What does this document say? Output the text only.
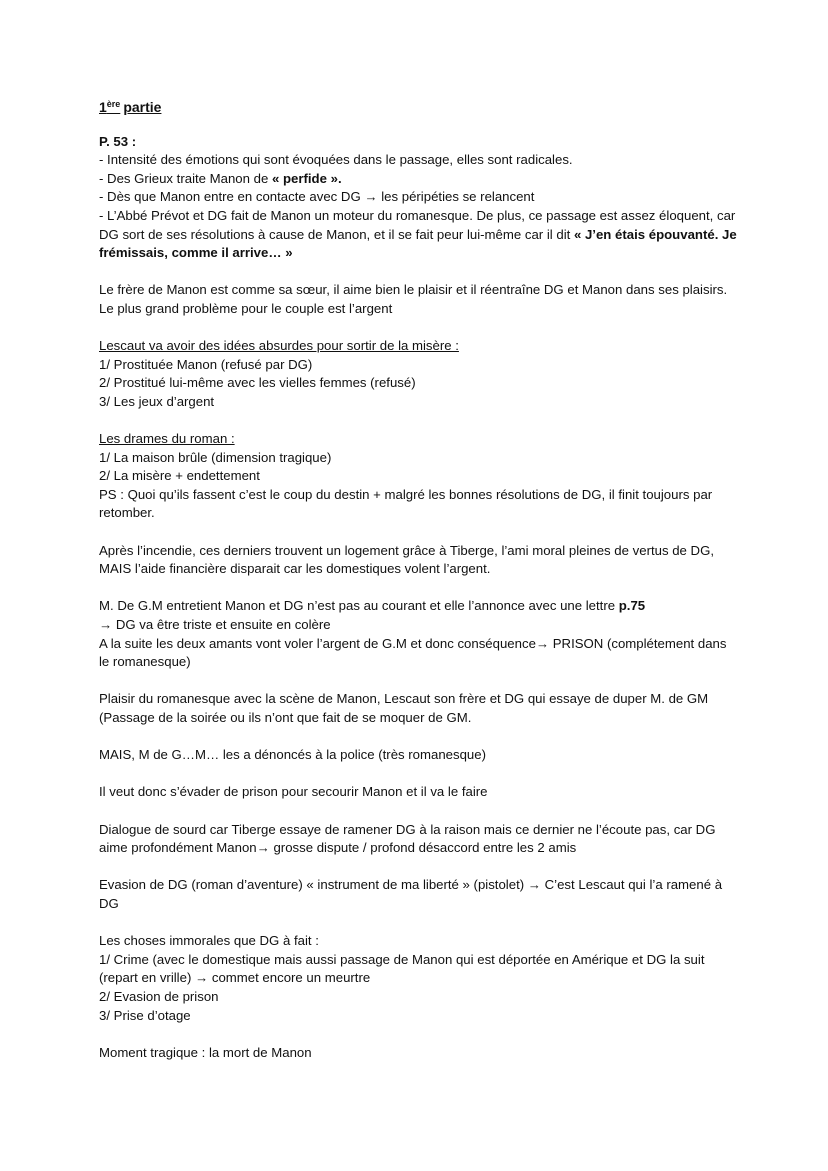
1ère partie
P. 53 :
- Intensité des émotions qui sont évoquées dans le passage, elles sont radicales.
- Des Grieux traite Manon de « perfide ».
- Dès que Manon entre en contacte avec DG → les péripéties se relancent
- L’Abbé Prévot et DG fait de Manon un moteur du romanesque. De plus, ce passage est assez éloquent, car DG sort de ses résolutions à cause de Manon, et il se fait peur lui-même car il dit « J’en étais épouvanté. Je frémissais, comme il arrive… »
Le frère de Manon est comme sa sœur, il aime bien le plaisir et il réentraîne DG et Manon dans ses plaisirs. Le plus grand problème pour le couple est l’argent
Lescaut va avoir des idées absurdes pour sortir de la misère :
1/ Prostituée Manon (refusé par DG)
2/ Prostitué lui-même avec les vielles femmes (refusé)
3/ Les jeux d’argent
Les drames du roman :
1/ La maison brûle (dimension tragique)
2/ La misère + endettement
PS : Quoi qu’ils fassent c’est le coup du destin + malgré les bonnes résolutions de DG, il finit toujours par retomber.
Après l’incendie, ces derniers trouvent un logement grâce à Tiberge, l’ami moral pleines de vertus de DG, MAIS l’aide financière disparait car les domestiques volent l’argent.
M. De G.M entretient Manon et DG n’est pas au courant et elle l’annonce avec une lettre p.75
→ DG va être triste et ensuite en colère
A la suite les deux amants vont voler l’argent de G.M et donc conséquence→ PRISON (complétement dans le romanesque)
Plaisir du romanesque avec la scène de Manon, Lescaut son frère et DG qui essaye de duper M. de GM (Passage de la soirée ou ils n’ont que fait de se moquer de GM.
MAIS, M de G…M… les a dénoncés à la police (très romanesque)
Il veut donc s’évader de prison pour secourir Manon et il va le faire
Dialogue de sourd car Tiberge essaye de ramener DG à la raison mais ce dernier ne l’écoute pas, car DG aime profondément Manon→ grosse dispute / profond désaccord entre les 2 amis
Evasion de DG (roman d’aventure) « instrument de ma liberté » (pistolet) → C’est Lescaut qui l’a ramené à DG
Les choses immorales que DG à fait :
1/ Crime (avec le domestique mais aussi passage de Manon qui est déportée en Amérique et DG la suit (repart en vrille) → commet encore un meurtre
2/ Evasion de prison
3/ Prise d’otage
Moment tragique : la mort de Manon
